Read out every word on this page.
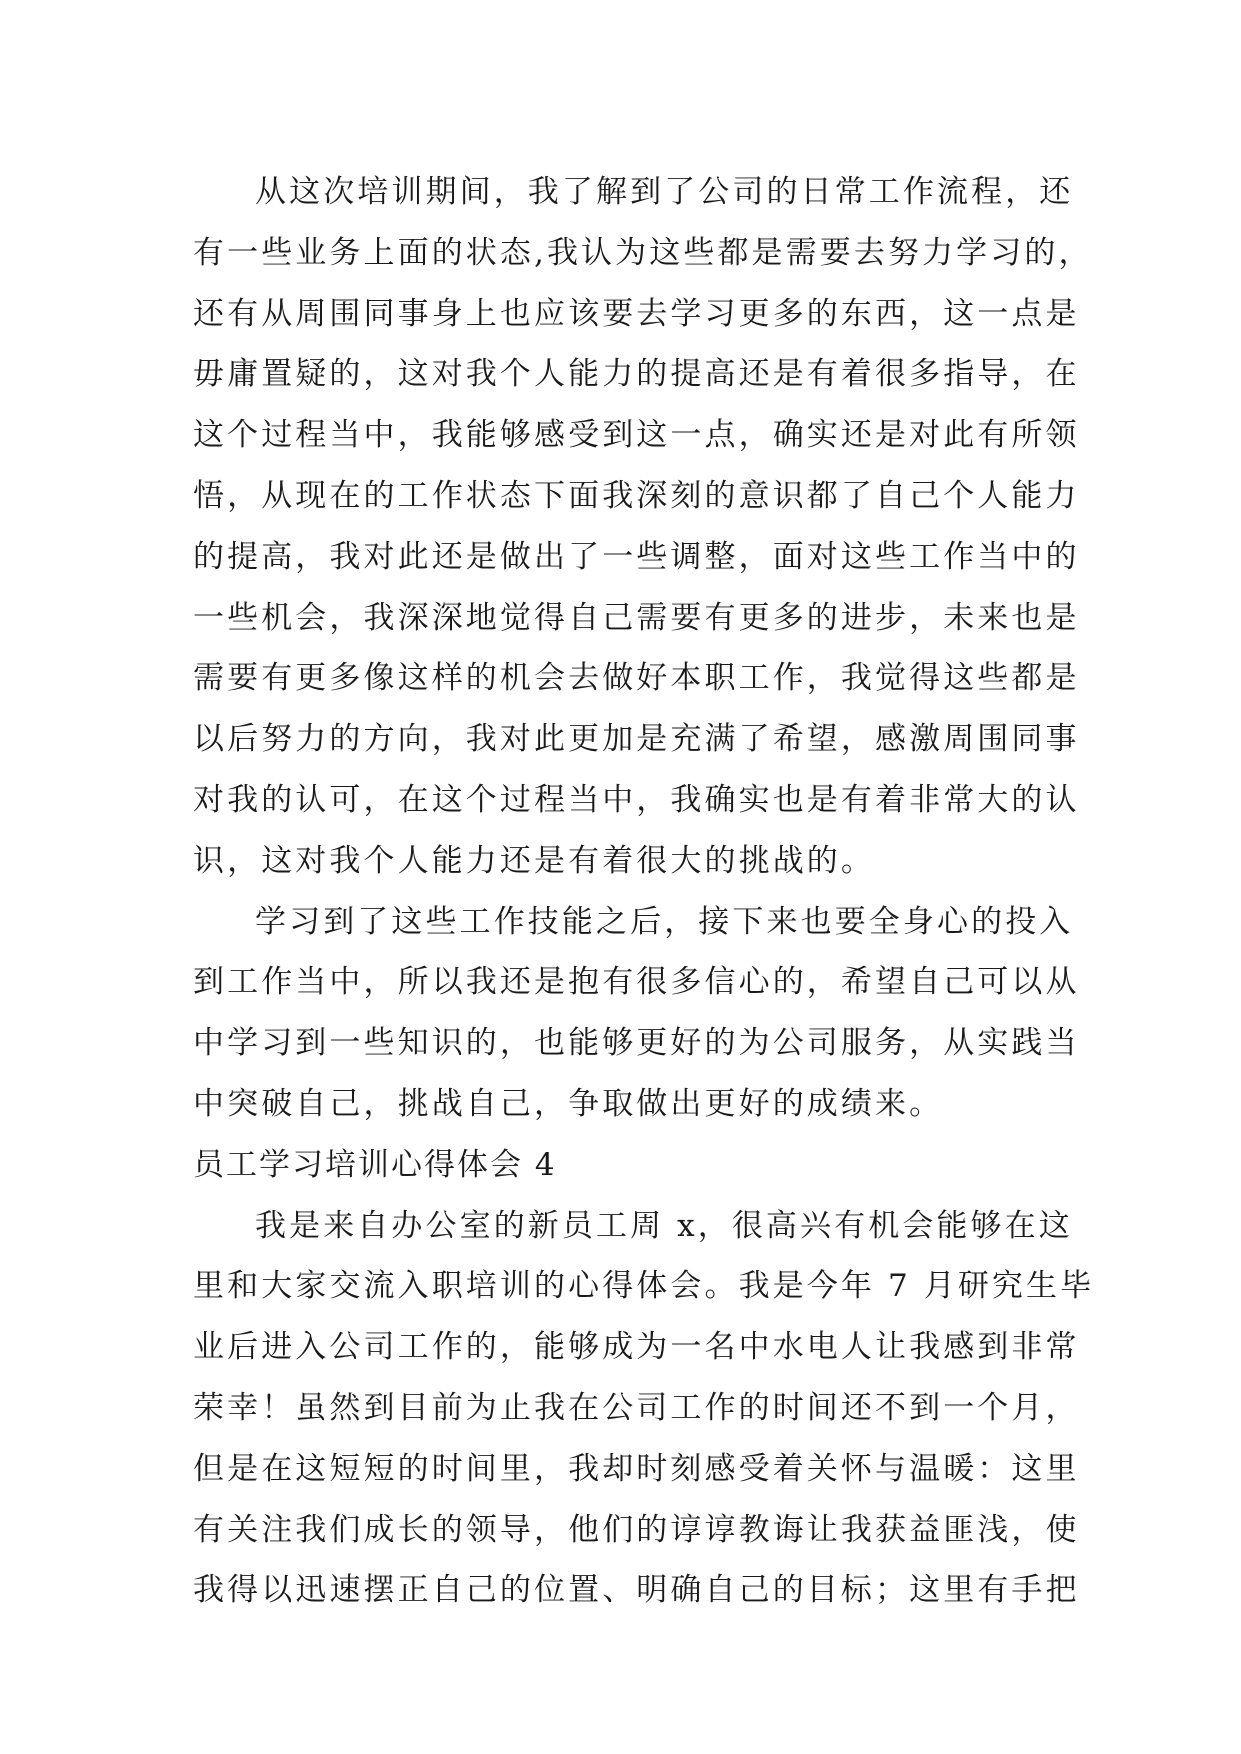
从这次培训期间，我了解到了公司的日常工作流程，还
有一些业务上面的状态,我认为这些都是需要去努力学习的，
还有从周围同事身上也应该要去学习更多的东西，这一点是
毋庸置疑的，这对我个人能力的提高还是有着很多指导，在
这个过程当中，我能够感受到这一点，确实还是对此有所领
悟，从现在的工作状态下面我深刻的意识都了自己个人能力
的提高，我对此还是做出了一些调整，面对这些工作当中的
一些机会，我深深地觉得自己需要有更多的进步，未来也是
需要有更多像这样的机会去做好本职工作，我觉得这些都是
以后努力的方向，我对此更加是充满了希望，感激周围同事
对我的认可，在这个过程当中，我确实也是有着非常大的认
识，这对我个人能力还是有着很大的挑战的。
学习到了这些工作技能之后，接下来也要全身心的投入
到工作当中，所以我还是抱有很多信心的，希望自己可以从
中学习到一些知识的，也能够更好的为公司服务，从实践当
中突破自己，挑战自己，争取做出更好的成绩来。
员工学习培训心得体会 4
我是来自办公室的新员工周 x，很高兴有机会能够在这
里和大家交流入职培训的心得体会。我是今年 7 月研究生毕
业后进入公司工作的，能够成为一名中水电人让我感到非常
荣幸！虽然到目前为止我在公司工作的时间还不到一个月，
但是在这短短的时间里，我却时刻感受着关怀与温暖：这里
有关注我们成长的领导，他们的谆谆教诲让我获益匪浅，使
我得以迅速摆正自己的位置、明确自己的目标；这里有手把
